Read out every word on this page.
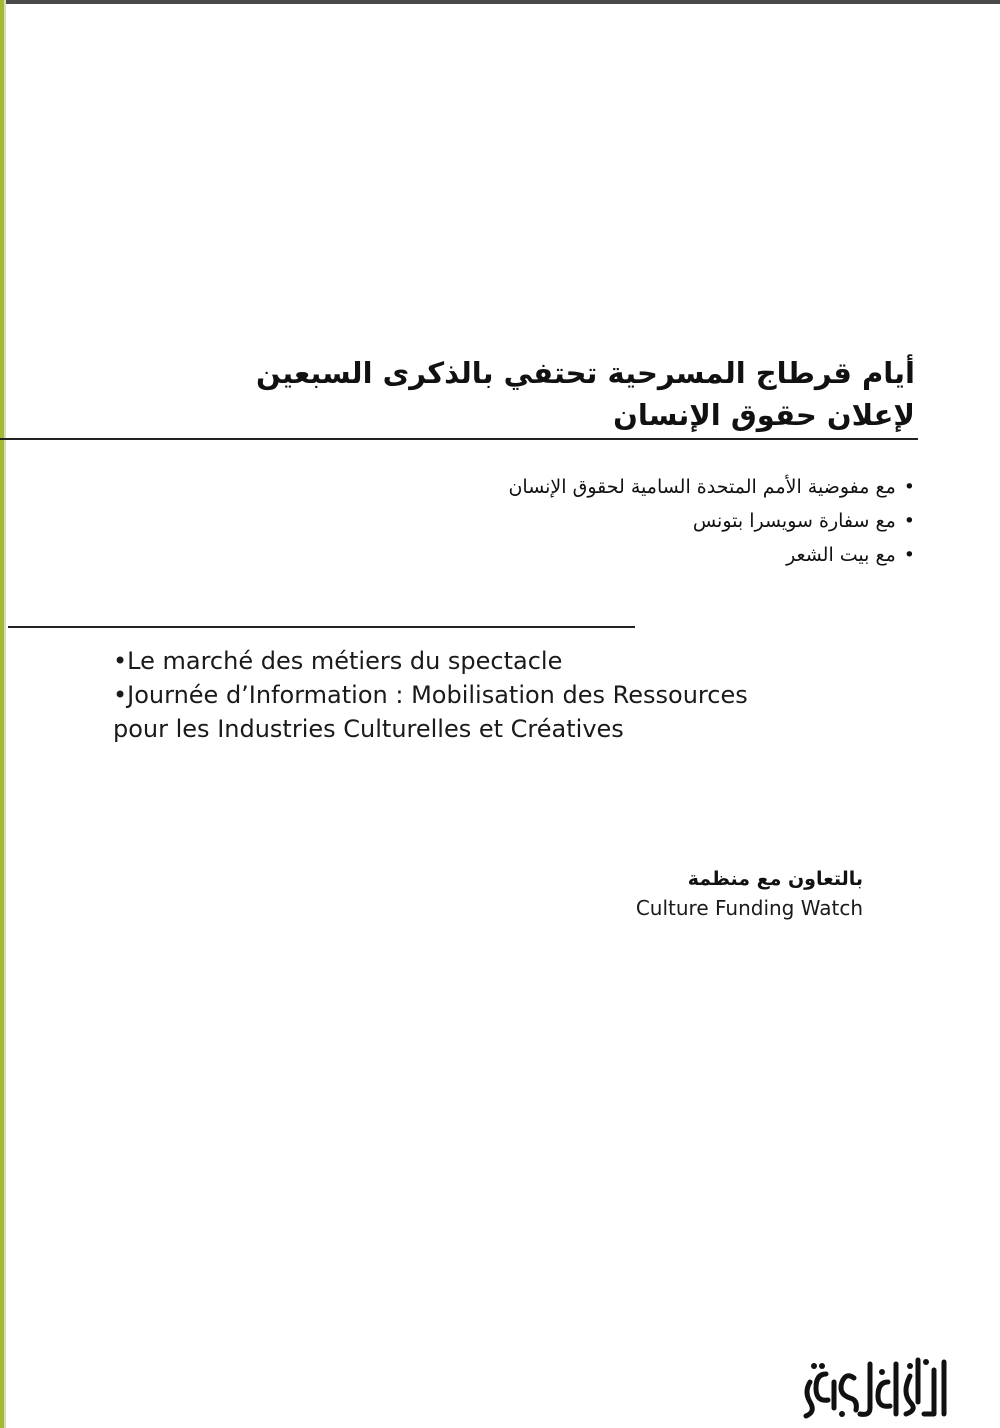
أيام قرطاج المسرحية تحتفي بالذكرى السبعين
لإعلان حقوق الإنسان
•مع مفوضية الأمم المتحدة السامية لحقوق الإنسان
•مع سفارة سويسرا بتونس
•مع بيت الشعر
•Le marché des métiers du spectacle
•Journée d’Information : Mobilisation des Ressources
pour les Industries Culturelles et Créatives
بالتعاون مع منظمة
Culture Funding Watch
